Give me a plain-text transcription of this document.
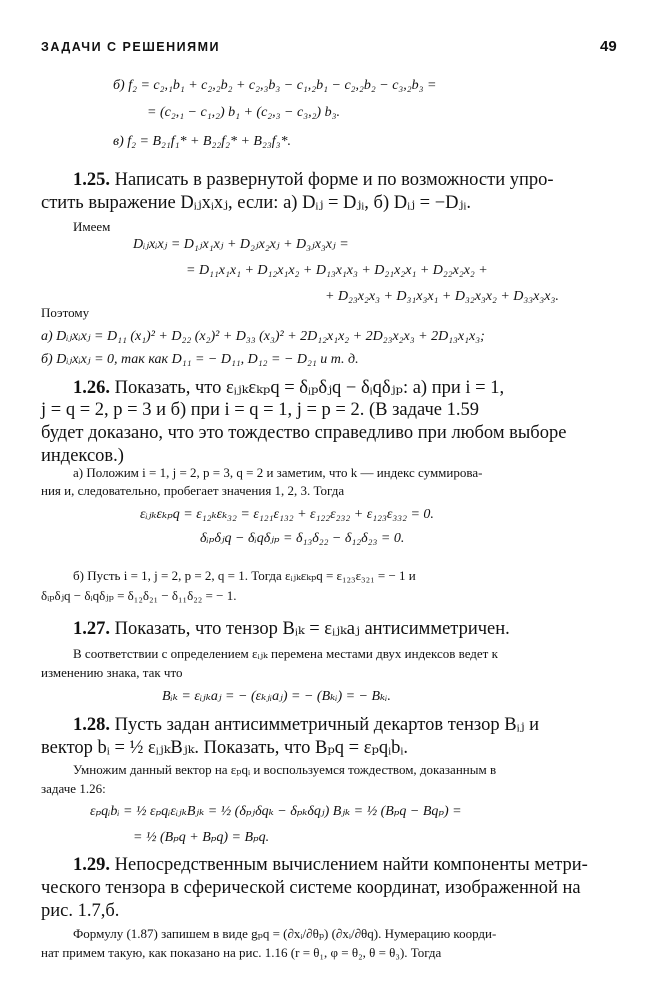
ЗАДАЧИ С РЕШЕНИЯМИ	49
б) f₂ = c₂,₁b₁ + c₂,₂b₂ + c₂,₃b₃ − c₁,₂b₁ − c₂,₂b₂ − c₃,₂b₃ =
= (c₂,₁ − c₁,₂) b₁ + (c₂,₃ − c₃,₂) b₃.
в) f₂ = B₂₁f₁* + B₂₂f₂* + B₂₃f₃*.
1.25. Написать в развернутой форме и по возможности упро-
стить выражение Dᵢⱼxᵢxⱼ, если: а) Dᵢⱼ = Dⱼᵢ, б) Dᵢⱼ = −Dⱼᵢ.
Имеем
Dᵢⱼxᵢxⱼ = D₁ⱼx₁xⱼ + D₂ⱼx₂xⱼ + D₃ⱼx₃xⱼ =
= D₁₁x₁x₁ + D₁₂x₁x₂ + D₁₃x₁x₃ + D₂₁x₂x₁ + D₂₂x₂x₂ +
+ D₂₃x₂x₃ + D₃₁x₃x₁ + D₃₂x₃x₂ + D₃₃x₃x₃.
Поэтому
а) Dᵢⱼxᵢxⱼ = D₁₁ (x₁)² + D₂₂ (x₂)² + D₃₃ (x₃)² + 2D₁₂x₁x₂ + 2D₂₃x₂x₃ + 2D₁₃x₁x₃;
б) Dᵢⱼxᵢxⱼ = 0, так как D₁₁ = − D₁₁, D₁₂ = − D₂₁ и т. д.
1.26. Показать, что εᵢⱼₖεₖₚq = δᵢₚδⱼq − δᵢqδⱼₚ: а) при i = 1,
j = q = 2, p = 3 и б) при i = q = 1, j = p = 2. (В задаче 1.59
будет доказано, что это тождество справедливо при любом выборе
индексов.)
а) Положим i = 1, j = 2, p = 3, q = 2 и заметим, что k — индекс суммирова-
ния и, следовательно, пробегает значения 1, 2, 3. Тогда
εᵢⱼₖεₖₚq = ε₁₂ₖεₖ₃₂ = ε₁₂₁ε₁₃₂ + ε₁₂₂ε₂₃₂ + ε₁₂₃ε₃₃₂ = 0.
δᵢₚδⱼq − δᵢqδⱼₚ = δ₁₃δ₂₂ − δ₁₂δ₂₃ = 0.
б) Пусть i = 1, j = 2, p = 2, q = 1. Тогда εᵢⱼₖεₖₚq = ε₁₂₃ε₃₂₁ = − 1 и
δᵢₚδⱼq − δᵢqδⱼₚ = δ₁₂δ₂₁ − δ₁₁δ₂₂ = − 1.
1.27. Показать, что тензор Bᵢₖ = εᵢⱼₖaⱼ антисимметричен.
В соответствии с определением εᵢⱼₖ перемена местами двух индексов ведет к
изменению знака, так что
Bᵢₖ = εᵢⱼₖaⱼ = − (εₖⱼᵢaⱼ) = − (Bₖᵢ) = − Bₖᵢ.
1.28. Пусть задан антисимметричный декартов тензор Bᵢⱼ и
вектор bᵢ = ½ εᵢⱼₖBⱼₖ. Показать, что Bₚq = εₚqᵢbᵢ.
Умножим данный вектор на εₚqᵢ и воспользуемся тождеством, доказанным в
задаче 1.26:
εₚqᵢbᵢ = ½ εₚqᵢεᵢⱼₖBⱼₖ = ½ (δₚⱼδqₖ − δₚₖδqⱼ) Bⱼₖ = ½ (Bₚq − Bqₚ) =
= ½ (Bₚq + Bₚq) = Bₚq.
1.29. Непосредственным вычислением найти компоненты метри-
ческого тензора в сферической системе координат, изображенной на
рис. 1.7,б.
Формулу (1.87) запишем в виде gₚq = (∂xᵢ/∂θₚ) (∂xᵢ/∂θq). Нумерацию коорди-
нат примем такую, как показано на рис. 1.16 (r = θ₁, φ = θ₂, θ = θ₃). Тогда
